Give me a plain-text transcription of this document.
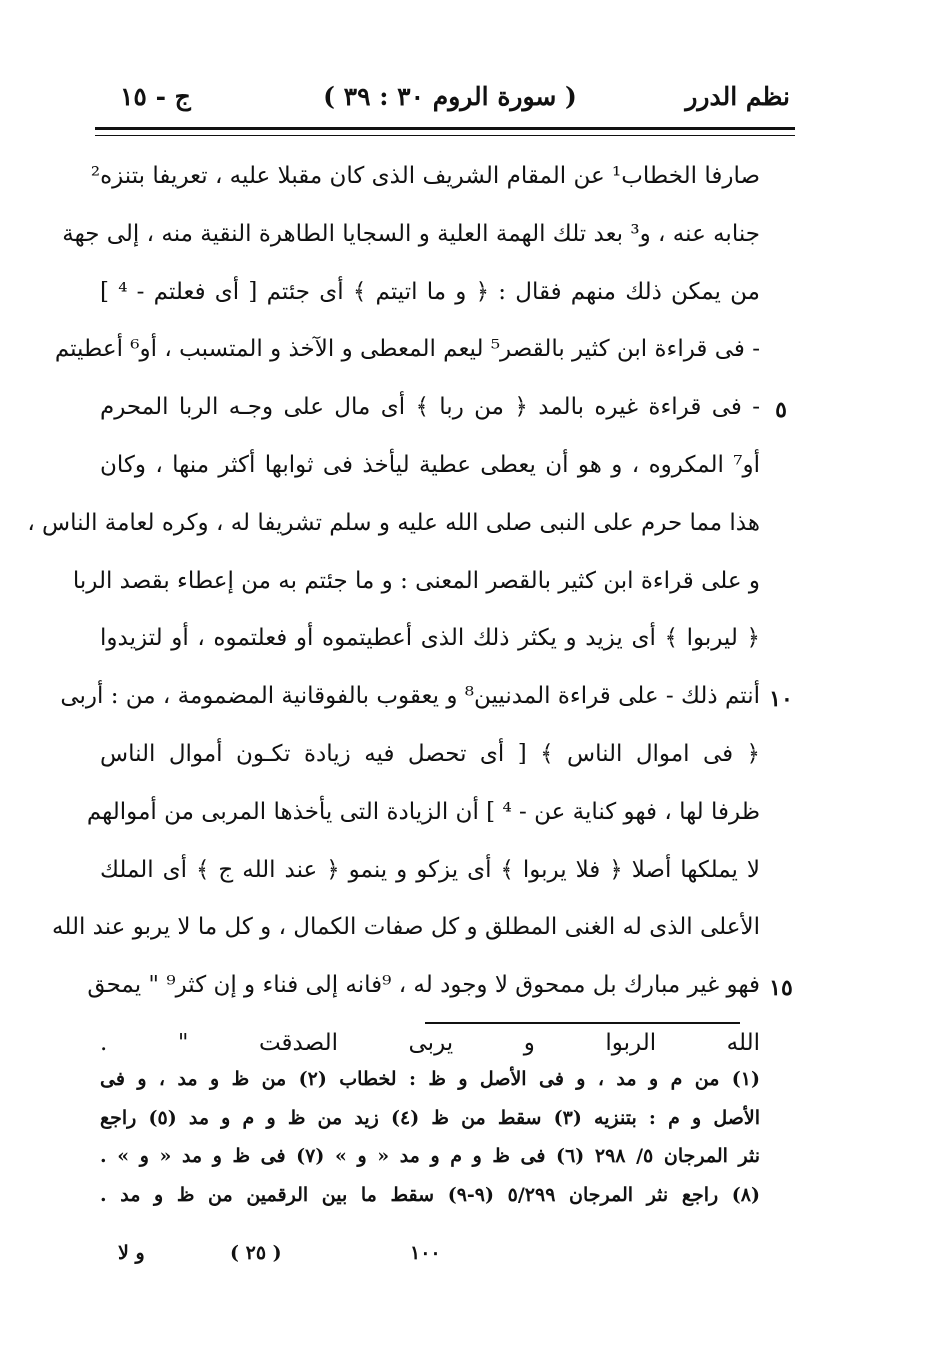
نظم الدرر
( سورة الروم ٣٠ : ٣٩ )
ج - ١٥
صارفا الخطاب¹ عن المقام الشريف الذى كان مقبلا عليه ، تعريفا بتنزه²
جنابه عنه ، و³ بعد تلك الهمة العلية و السجايا الطاهرة النقية منه ، إلى جهة
من يمكن ذلك منهم فقال : ﴿ و ما اتيتم ﴾ أى جئتم [ أى فعلتم - ⁴ ]
- فى قراءة ابن كثير بالقصر⁵ ليعم المعطى و الآخذ و المتسبب ، أو⁶ أعطيتم
- فى قراءة غيره بالمد ﴿ من ربا ﴾ أى مال على وجـه الربا المحرم
أو⁷ المكروه ، و هو أن يعطى عطية ليأخذ فى ثوابها أكثر منها ، وكان
هذا مما حرم على النبى صلى الله عليه و سلم تشريفا له ، وكره لعامة الناس ،
و على قراءة ابن كثير بالقصر المعنى : و ما جئتم به من إعطاء بقصد الربا
﴿ ليربوا ﴾ أى يزيد و يكثر ذلك الذى أعطيتموه أو فعلتموه ، أو لتزيدوا
أنتم ذلك - على قراءة المدنيين⁸ و يعقوب بالفوقانية المضمومة ، من : أربى
﴿ فى اموال الناس ﴾ [ أى تحصل فيه زيادة تكـون أموال الناس
ظرفا لها ، فهو كناية عن - ⁴ ] أن الزيادة التى يأخذها المربى من أموالهم
لا يملكها أصلا ﴿ فلا يربوا ﴾ أى يزكو و ينمو ﴿ عند الله ج ﴾ أى الملك
الأعلى الذى له الغنى المطلق و كل صفات الكمال ، و كل ما لا يربو عند الله
فهو غير مبارك بل ممحوق لا وجود له ، ⁹فانه إلى فناء و إن كثر⁹ " يمحق
الله الربوا و يربى الصدقت " .
٥
١٠
١٥
(١) من م و مد ، و فى الأصل و ظ : لخطاب (٢) من ظ و مد ، و فى
الأصل و م : بتنزيه (٣) سقط من ظ (٤) زيد من ظ و م و مد (٥) راجع
نثر المرجان ٥/ ٢٩٨ (٦) فى ظ و م و مد « و » (٧) فى ظ و مد « و » .
(٨) راجع نثر المرجان ٥/٢٩٩ (٩-٩) سقط ما بين الرقمين من ظ و مد .
و لا	( ٢٥ )	١٠٠
